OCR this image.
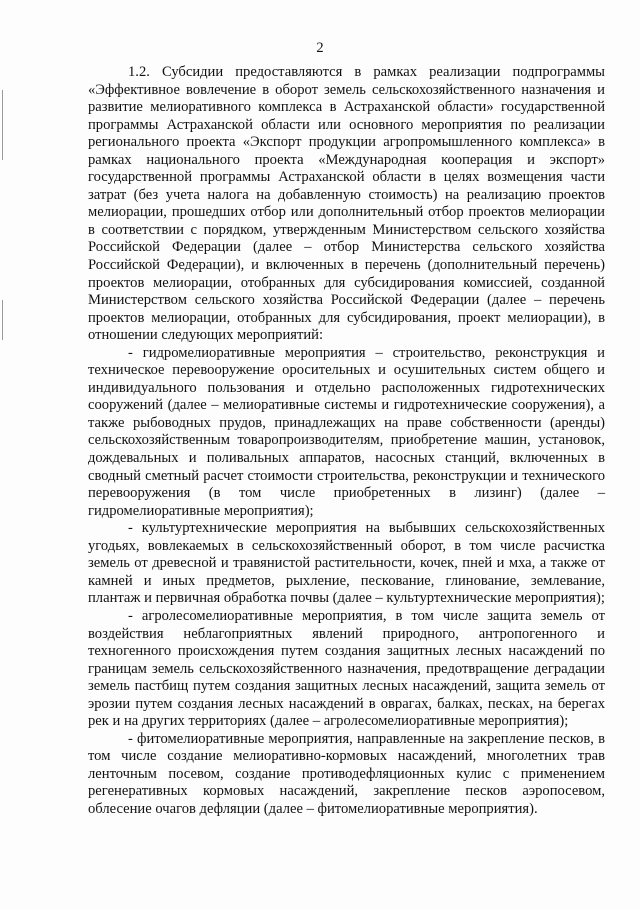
2

1.2. Субсидии предоставляются в рамках реализации подпрограммы «Эффективное вовлечение в оборот земель сельскохозяйственного назначения и развитие мелиоративного комплекса в Астраханской области» государственной программы Астраханской области или основного мероприятия по реализации регионального проекта «Экспорт продукции агропромышленного комплекса» в рамках национального проекта «Международная кооперация и экспорт» государственной программы Астраханской области в целях возмещения части затрат (без учета налога на добавленную стоимость) на реализацию проектов мелиорации, прошедших отбор или дополнительный отбор проектов мелиорации в соответствии с порядком, утвержденным Министерством сельского хозяйства Российской Федерации (далее – отбор Министерства сельского хозяйства Российской Федерации), и включенных в перечень (дополнительный перечень) проектов мелиорации, отобранных для субсидирования комиссией, созданной Министерством сельского хозяйства Российской Федерации (далее – перечень проектов мелиорации, отобранных для субсидирования, проект мелиорации), в отношении следующих мероприятий:

- гидромелиоративные мероприятия – строительство, реконструкция и техническое перевооружение оросительных и осушительных систем общего и индивидуального пользования и отдельно расположенных гидротехнических сооружений (далее – мелиоративные системы и гидротехнические сооружения), а также рыбоводных прудов, принадлежащих на праве собственности (аренды) сельскохозяйственным товаропроизводителям, приобретение машин, установок, дождевальных и поливальных аппаратов, насосных станций, включенных в сводный сметный расчет стоимости строительства, реконструкции и технического перевооружения (в том числе приобретенных в лизинг) (далее – гидромелиоративные мероприятия);

- культуртехнические мероприятия на выбывших сельскохозяйственных угодьях, вовлекаемых в сельскохозяйственный оборот, в том числе расчистка земель от древесной и травянистой растительности, кочек, пней и мха, а также от камней и иных предметов, рыхление, пескование, глинование, землевание, плантаж и первичная обработка почвы (далее – культуртехнические мероприятия);

- агролесомелиоративные мероприятия, в том числе защита земель от воздействия неблагоприятных явлений природного, антропогенного и техногенного происхождения путем создания защитных лесных насаждений по границам земель сельскохозяйственного назначения, предотвращение деградации земель пастбищ путем создания защитных лесных насаждений, защита земель от эрозии путем создания лесных насаждений в оврагах, балках, песках, на берегах рек и на других территориях (далее – агролесомелиоративные мероприятия);

- фитомелиоративные мероприятия, направленные на закрепление песков, в том числе создание мелиоративно-кормовых насаждений, многолетних трав ленточным посевом, создание противодефляционных кулис с применением регенеративных кормовых насаждений, закрепление песков аэропосевом, облесение очагов дефляции (далее – фитомелиоративные мероприятия).
